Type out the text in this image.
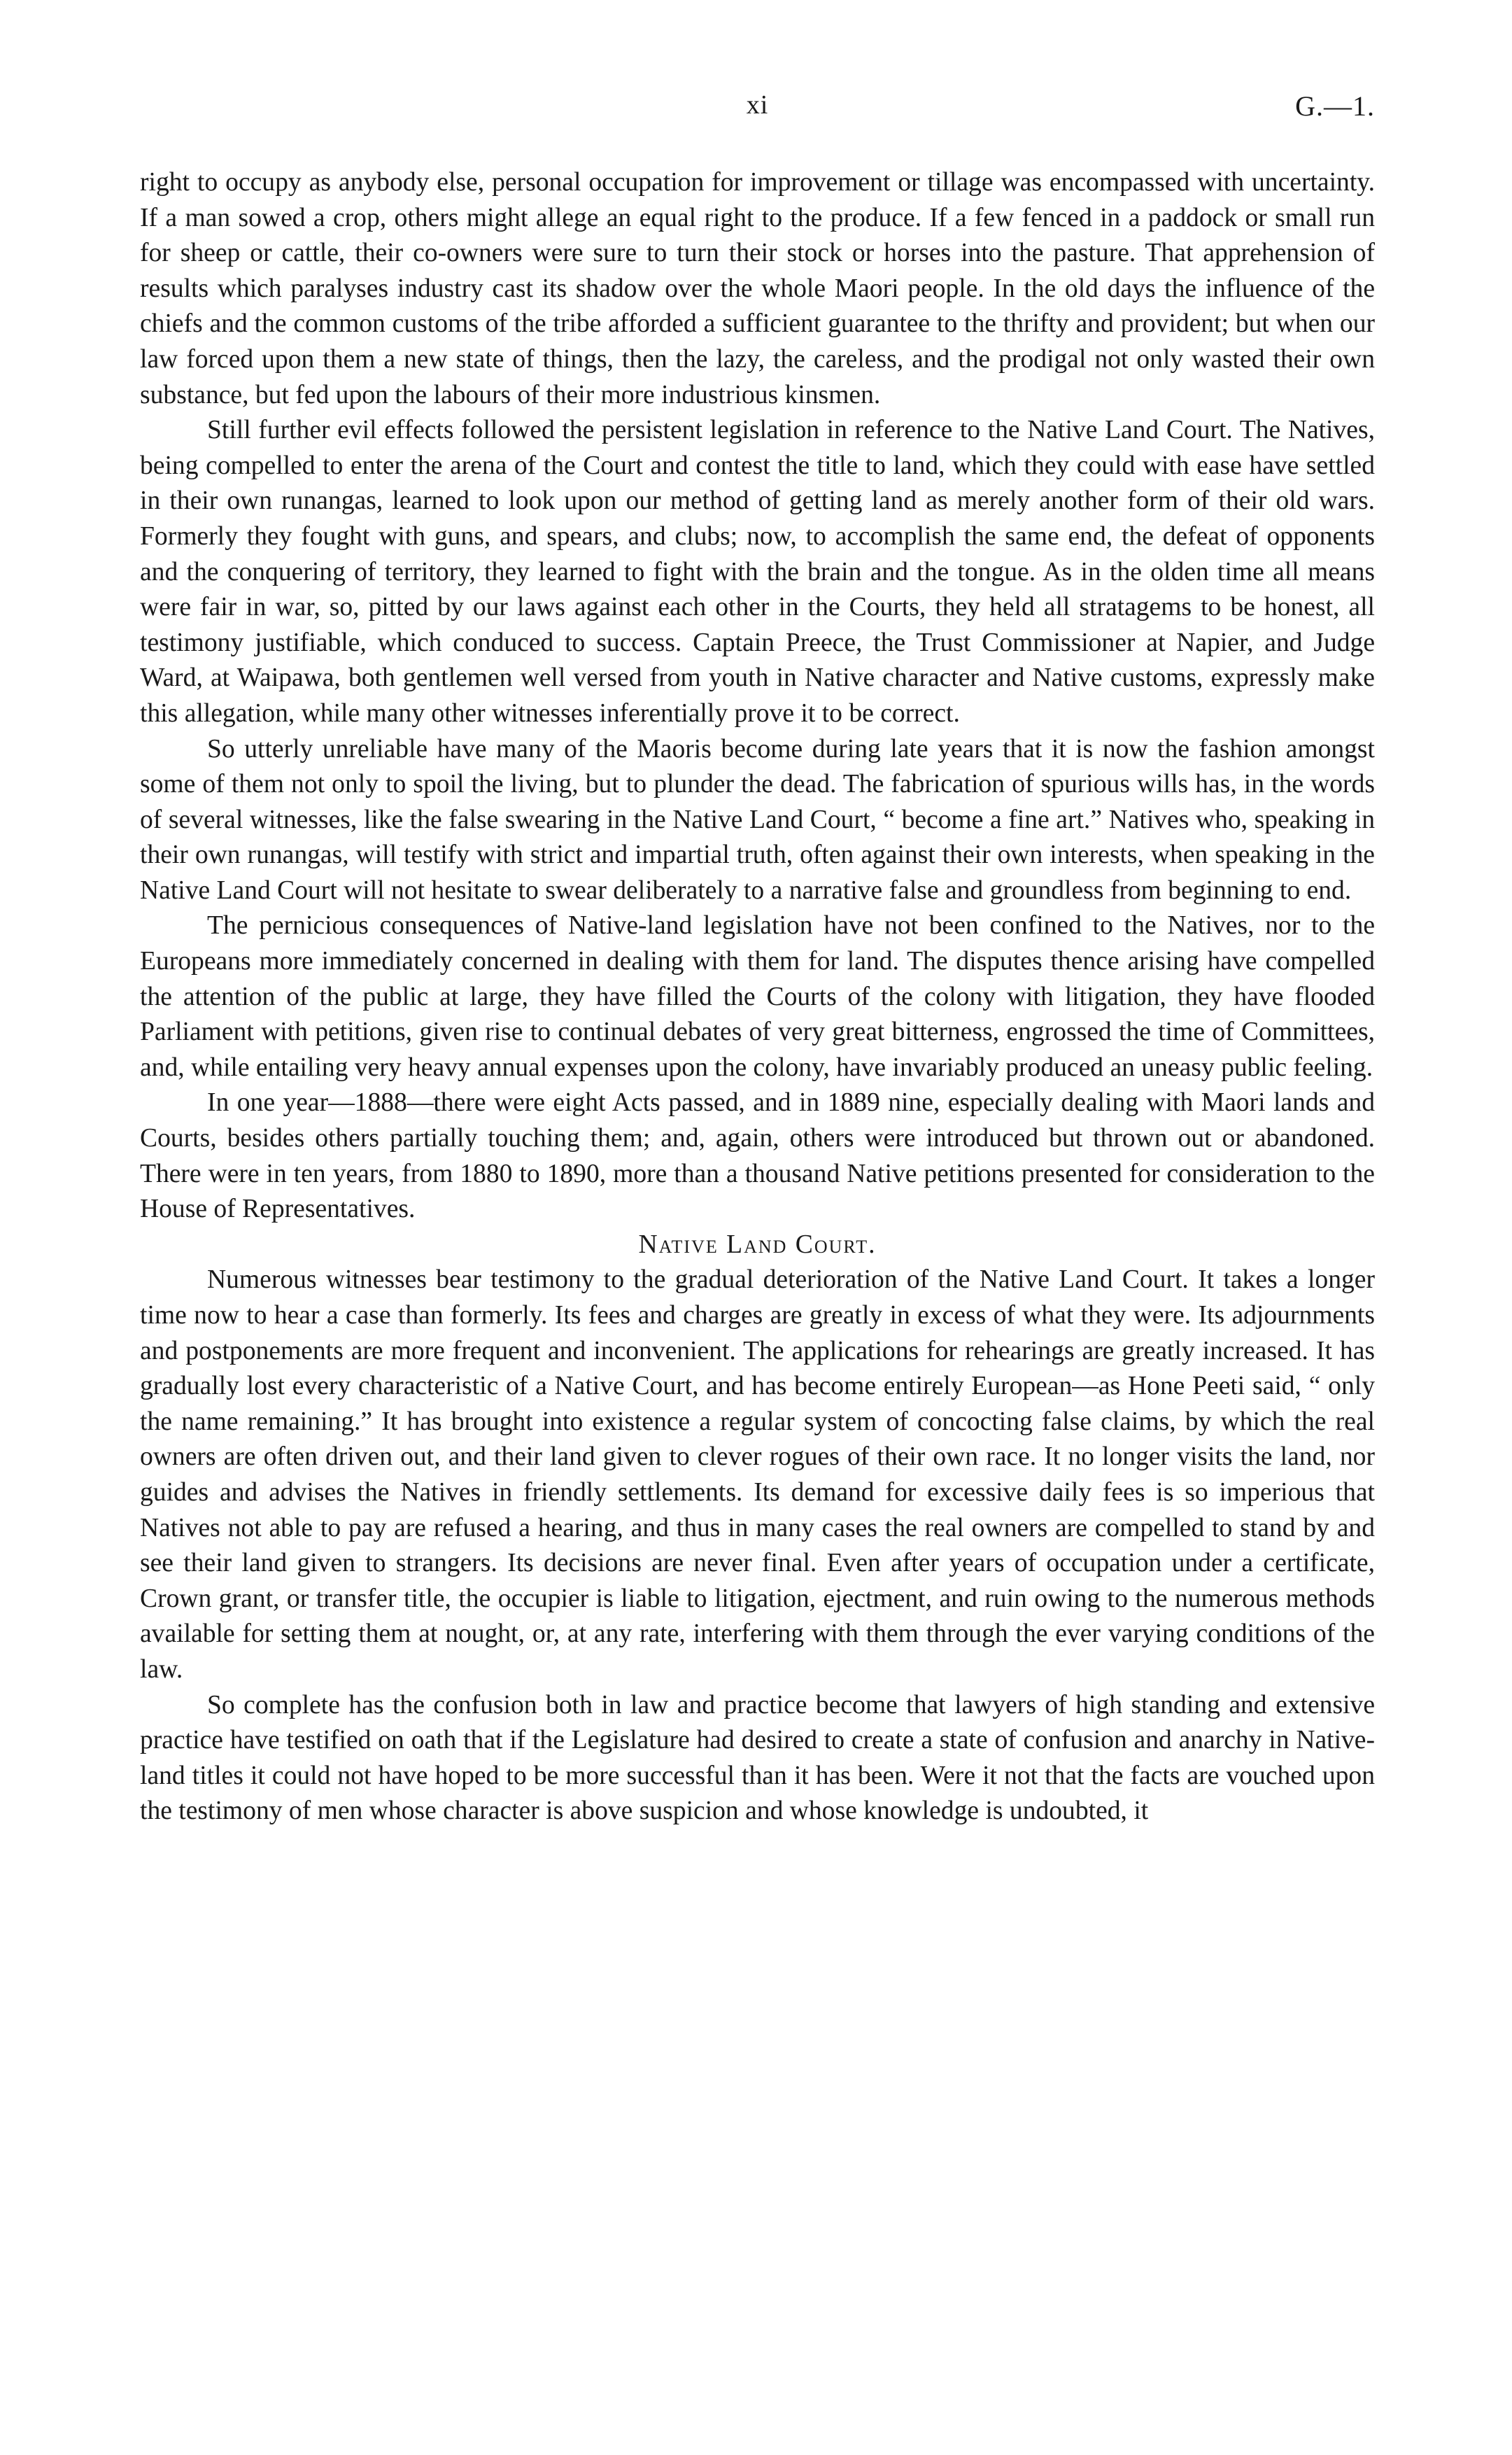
xi	G.—1.

right to occupy as anybody else, personal occupation for improvement or tillage was encompassed with uncertainty. If a man sowed a crop, others might allege an equal right to the produce. If a few fenced in a paddock or small run for sheep or cattle, their co-owners were sure to turn their stock or horses into the pasture. That apprehension of results which paralyses industry cast its shadow over the whole Maori people. In the old days the influence of the chiefs and the common customs of the tribe afforded a sufficient guarantee to the thrifty and provident; but when our law forced upon them a new state of things, then the lazy, the careless, and the prodigal not only wasted their own substance, but fed upon the labours of their more industrious kinsmen.

Still further evil effects followed the persistent legislation in reference to the Native Land Court. The Natives, being compelled to enter the arena of the Court and contest the title to land, which they could with ease have settled in their own runangas, learned to look upon our method of getting land as merely another form of their old wars. Formerly they fought with guns, and spears, and clubs; now, to accomplish the same end, the defeat of opponents and the conquering of territory, they learned to fight with the brain and the tongue. As in the olden time all means were fair in war, so, pitted by our laws against each other in the Courts, they held all stratagems to be honest, all testimony justifiable, which conduced to success. Captain Preece, the Trust Commissioner at Napier, and Judge Ward, at Waipawa, both gentlemen well versed from youth in Native character and Native customs, expressly make this allegation, while many other witnesses inferentially prove it to be correct.

So utterly unreliable have many of the Maoris become during late years that it is now the fashion amongst some of them not only to spoil the living, but to plunder the dead. The fabrication of spurious wills has, in the words of several witnesses, like the false swearing in the Native Land Court, “ become a fine art.” Natives who, speaking in their own runangas, will testify with strict and impartial truth, often against their own interests, when speaking in the Native Land Court will not hesitate to swear deliberately to a narrative false and groundless from beginning to end.

The pernicious consequences of Native-land legislation have not been confined to the Natives, nor to the Europeans more immediately concerned in dealing with them for land. The disputes thence arising have compelled the attention of the public at large, they have filled the Courts of the colony with litigation, they have flooded Parliament with petitions, given rise to continual debates of very great bitterness, engrossed the time of Committees, and, while entailing very heavy annual expenses upon the colony, have invariably produced an uneasy public feeling.

In one year—1888—there were eight Acts passed, and in 1889 nine, especially dealing with Maori lands and Courts, besides others partially touching them; and, again, others were introduced but thrown out or abandoned. There were in ten years, from 1880 to 1890, more than a thousand Native petitions presented for consideration to the House of Representatives.

Native Land Court.

Numerous witnesses bear testimony to the gradual deterioration of the Native Land Court. It takes a longer time now to hear a case than formerly. Its fees and charges are greatly in excess of what they were. Its adjournments and postponements are more frequent and inconvenient. The applications for rehearings are greatly increased. It has gradually lost every characteristic of a Native Court, and has become entirely European—as Hone Peeti said, “ only the name remaining.” It has brought into existence a regular system of concocting false claims, by which the real owners are often driven out, and their land given to clever rogues of their own race. It no longer visits the land, nor guides and advises the Natives in friendly settlements. Its demand for excessive daily fees is so imperious that Natives not able to pay are refused a hearing, and thus in many cases the real owners are compelled to stand by and see their land given to strangers. Its decisions are never final. Even after years of occupation under a certificate, Crown grant, or transfer title, the occupier is liable to litigation, ejectment, and ruin owing to the numerous methods available for setting them at nought, or, at any rate, interfering with them through the ever varying conditions of the law.

So complete has the confusion both in law and practice become that lawyers of high standing and extensive practice have testified on oath that if the Legislature had desired to create a state of confusion and anarchy in Native-land titles it could not have hoped to be more successful than it has been. Were it not that the facts are vouched upon the testimony of men whose character is above suspicion and whose knowledge is undoubted, it
